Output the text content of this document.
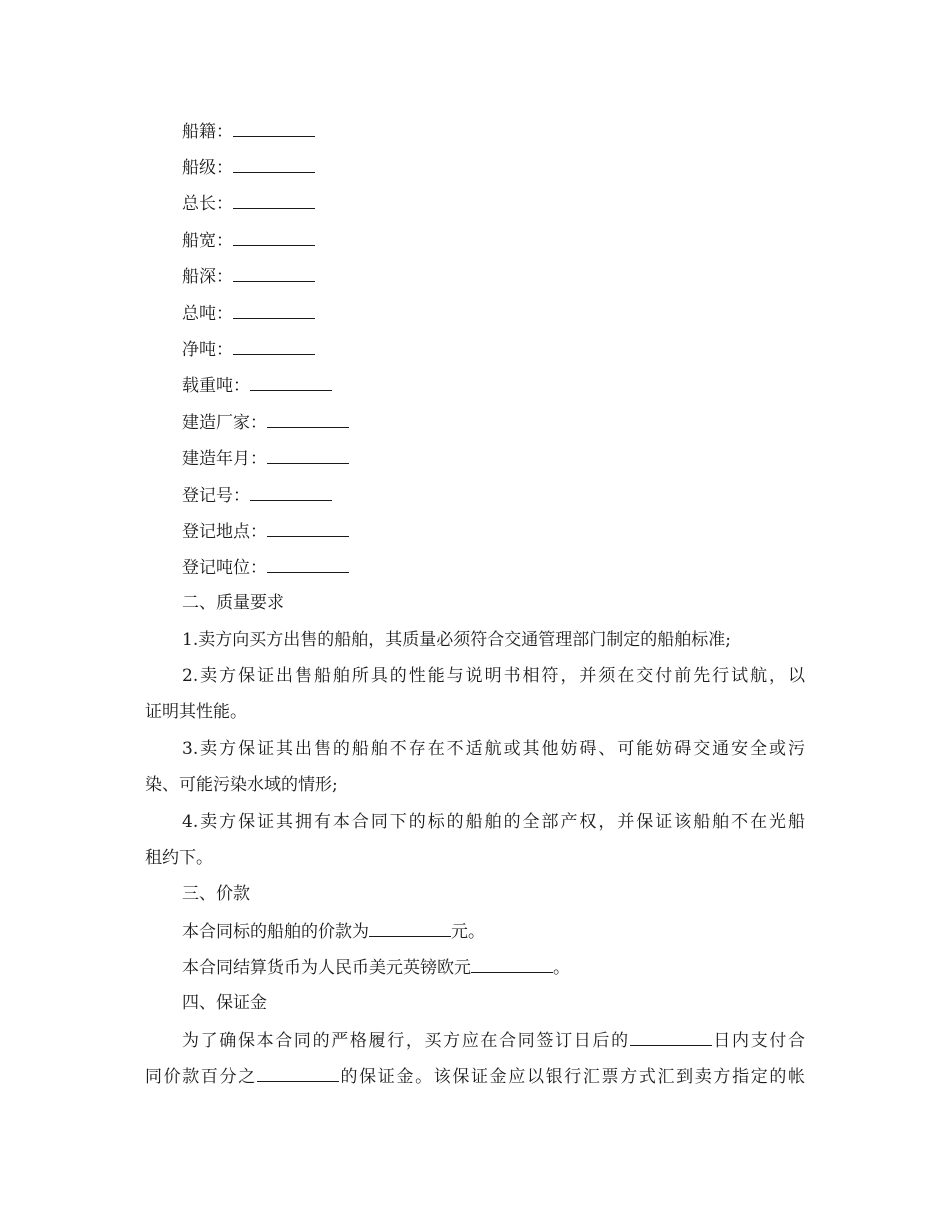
船籍：
船级：
总长：
船宽：
船深：
总吨：
净吨：
载重吨：
建造厂家：
建造年月：
登记号：
登记地点：
登记吨位：
二、质量要求
1.卖方向买方出售的船舶，其质量必须符合交通管理部门制定的船舶标准;
2.卖方保证出售船舶所具的性能与说明书相符，并须在交付前先行试航，以
证明其性能。
3.卖方保证其出售的船舶不存在不适航或其他妨碍、可能妨碍交通安全或污
染、可能污染水域的情形;
4.卖方保证其拥有本合同下的标的船舶的全部产权，并保证该船舶不在光船
租约下。
三、价款
本合同标的船舶的价款为	元。
本合同结算货币为人民币美元英镑欧元	。
四、保证金
为了确保本合同的严格履行，买方应在合同签订日后的	日内支付合
同价款百分之	的保证金。该保证金应以银行汇票方式汇到卖方指定的帐
